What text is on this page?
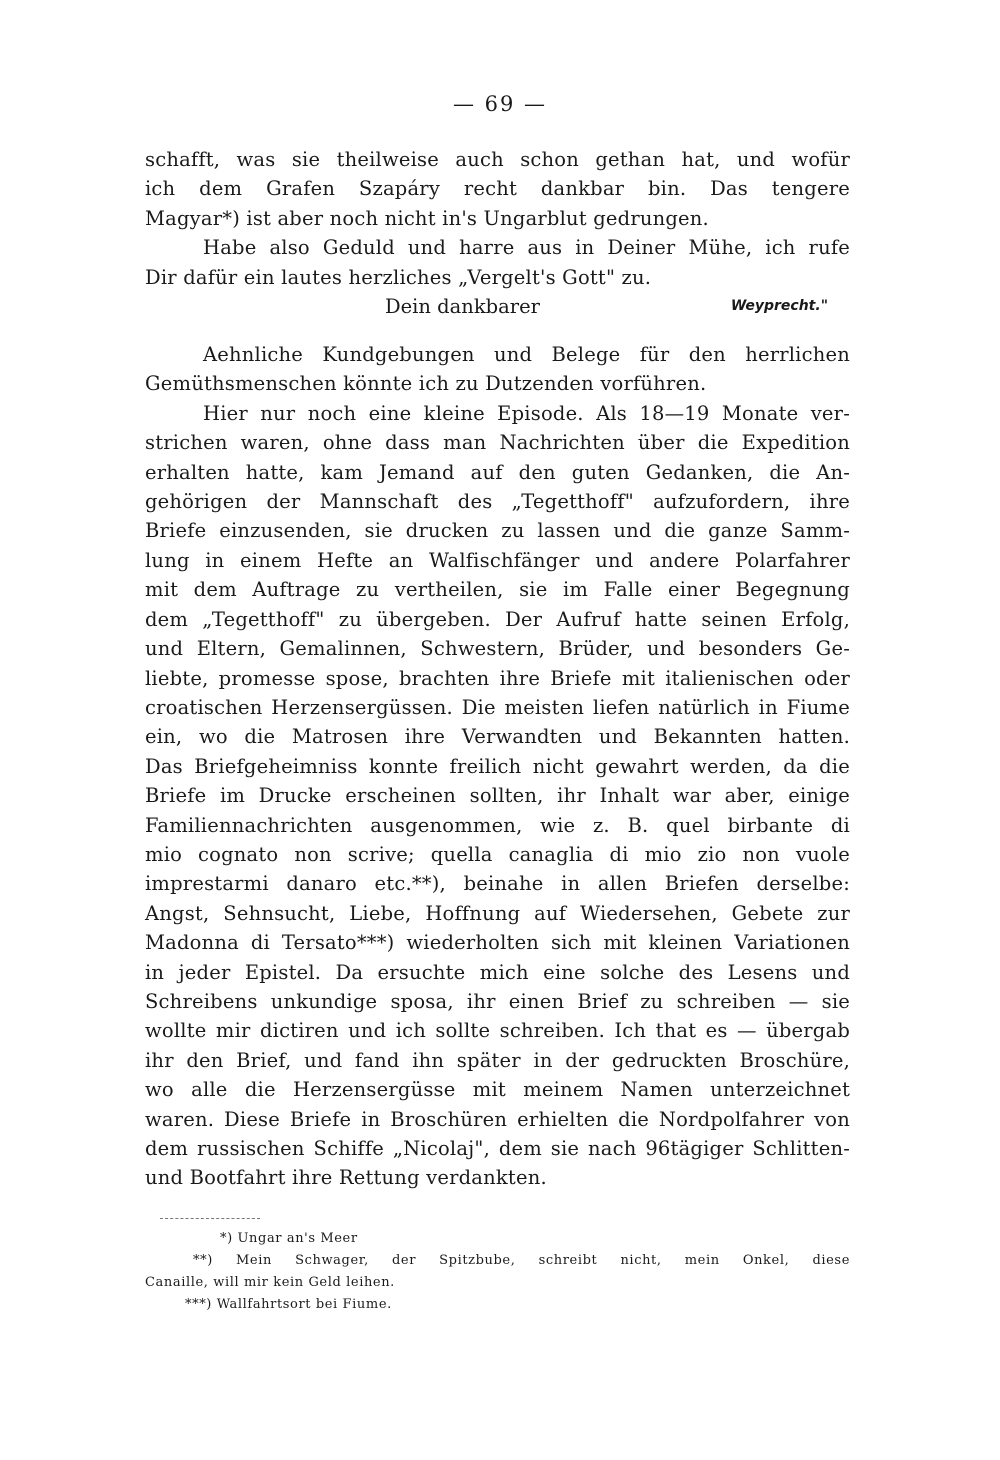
— 69 —
schafft, was sie theilweise auch schon gethan hat, und wofür
ich dem Grafen Szapáry recht dankbar bin. Das tengere
Magyar*) ist aber noch nicht in's Ungarblut gedrungen.
Habe also Geduld und harre aus in Deiner Mühe, ich rufe
Dir dafür ein lautes herzliches „Vergelt's Gott" zu.
Dein dankbarer	Weyprecht."
Aehnliche Kundgebungen und Belege für den herrlichen
Gemüthsmenschen könnte ich zu Dutzenden vorführen.
Hier nur noch eine kleine Episode. Als 18—19 Monate ver-
strichen waren, ohne dass man Nachrichten über die Expedition
erhalten hatte, kam Jemand auf den guten Gedanken, die An-
gehörigen der Mannschaft des „Tegetthoff" aufzufordern, ihre
Briefe einzusenden, sie drucken zu lassen und die ganze Samm-
lung in einem Hefte an Walfischfänger und andere Polarfahrer
mit dem Auftrage zu vertheilen, sie im Falle einer Begegnung
dem „Tegetthoff" zu übergeben. Der Aufruf hatte seinen Erfolg,
und Eltern, Gemalinnen, Schwestern, Brüder, und besonders Ge-
liebte, promesse spose, brachten ihre Briefe mit italienischen oder
croatischen Herzensergüssen. Die meisten liefen natürlich in Fiume
ein, wo die Matrosen ihre Verwandten und Bekannten hatten.
Das Briefgeheimniss konnte freilich nicht gewahrt werden, da die
Briefe im Drucke erscheinen sollten, ihr Inhalt war aber, einige
Familiennachrichten ausgenommen, wie z. B. quel birbante di
mio cognato non scrive; quella canaglia di mio zio non vuole
imprestarmi danaro etc.**), beinahe in allen Briefen derselbe:
Angst, Sehnsucht, Liebe, Hoffnung auf Wiedersehen, Gebete zur
Madonna di Tersato***) wiederholten sich mit kleinen Variationen
in jeder Epistel. Da ersuchte mich eine solche des Lesens und
Schreibens unkundige sposa, ihr einen Brief zu schreiben — sie
wollte mir dictiren und ich sollte schreiben. Ich that es — übergab
ihr den Brief, und fand ihn später in der gedruckten Broschüre,
wo alle die Herzensergüsse mit meinem Namen unterzeichnet
waren. Diese Briefe in Broschüren erhielten die Nordpolfahrer von
dem russischen Schiffe „Nicolaj", dem sie nach 96tägiger Schlitten-
und Bootfahrt ihre Rettung verdankten.
*) Ungar an's Meer
**) Mein Schwager, der Spitzbube, schreibt nicht, mein Onkel, diese
Canaille, will mir kein Geld leihen.
***) Wallfahrtsort bei Fiume.
